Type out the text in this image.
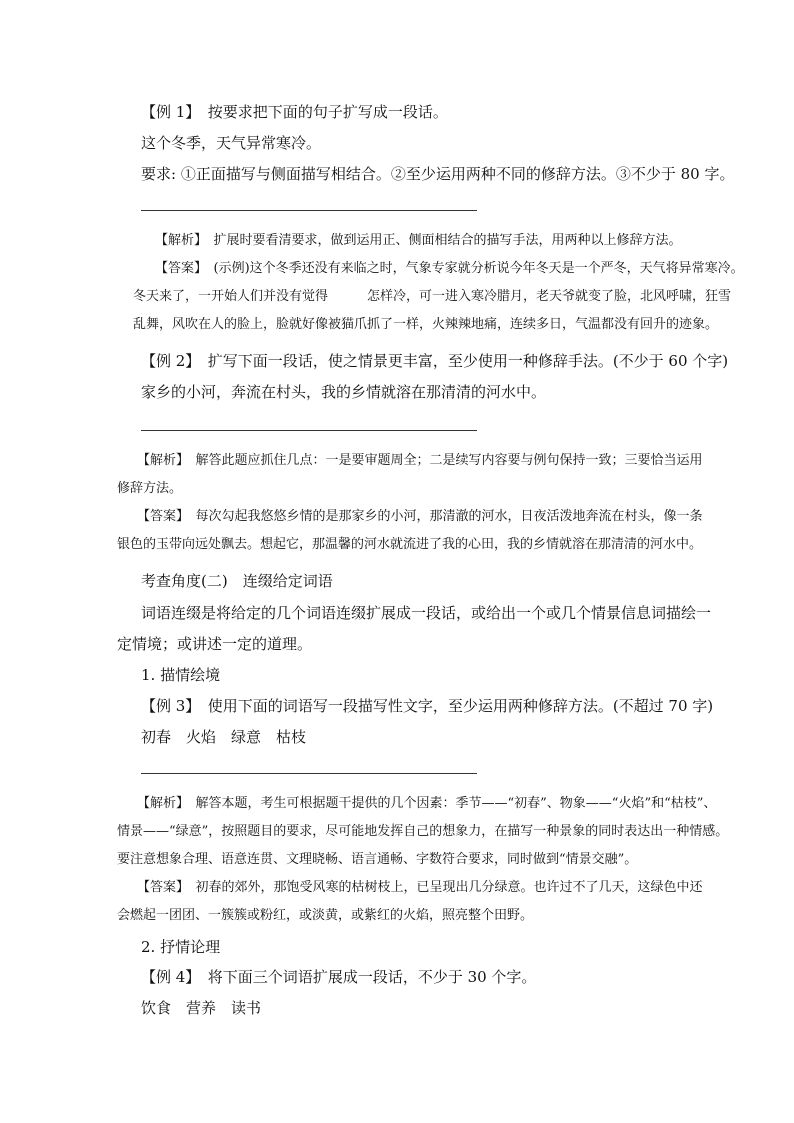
【例 1】　按要求把下面的句子扩写成一段话。
这个冬季，天气异常寒冷。
要求: ①正面描写与侧面描写相结合。②至少运用两种不同的修辞方法。③不少于 80 字。
【解析】　扩展时要看清要求，做到运用正、侧面相结合的描写手法，用两种以上修辞方法。
【答案】　(示例)这个冬季还没有来临之时，气象专家就分析说今年冬天是一个严冬，天气将异常寒冷。
冬天来了，一开始人们并没有觉得　　　怎样冷，可一进入寒冷腊月，老天爷就变了脸，北风呼啸，狂雪
乱舞，风吹在人的脸上，脸就好像被猫爪抓了一样，火辣辣地痛，连续多日，气温都没有回升的迹象。
【例 2】　扩写下面一段话，使之情景更丰富，至少使用一种修辞手法。(不少于 60 个字)
家乡的小河，奔流在村头，我的乡情就溶在那清清的河水中。
【解析】　解答此题应抓住几点：一是要审题周全；二是续写内容要与例句保持一致；三要恰当运用
修辞方法。
【答案】　每次勾起我悠悠乡情的是那家乡的小河，那清澈的河水，日夜活泼地奔流在村头，像一条
银色的玉带向远处飘去。想起它，那温馨的河水就流进了我的心田，我的乡情就溶在那清清的河水中。
考查角度(二)　连缀给定词语
词语连缀是将给定的几个词语连缀扩展成一段话，或给出一个或几个情景信息词描绘一
定情境；或讲述一定的道理。
1. 描情绘境
【例 3】　使用下面的词语写一段描写性文字，至少运用两种修辞方法。(不超过 70 字)
初春　火焰　绿意　枯枝
【解析】　解答本题，考生可根据题干提供的几个因素：季节——“初春”、物象——“火焰”和“枯枝”、
情景——“绿意”，按照题目的要求，尽可能地发挥自己的想象力，在描写一种景象的同时表达出一种情感。
要注意想象合理、语意连贯、文理晓畅、语言通畅、字数符合要求，同时做到“情景交融”。
【答案】　初春的郊外，那饱受风寒的枯树枝上，已呈现出几分绿意。也许过不了几天，这绿色中还
会燃起一团团、一簇簇或粉红，或淡黄，或紫红的火焰，照亮整个田野。
2. 抒情论理
【例 4】　将下面三个词语扩展成一段话，不少于 30 个字。
饮食　营养　读书
